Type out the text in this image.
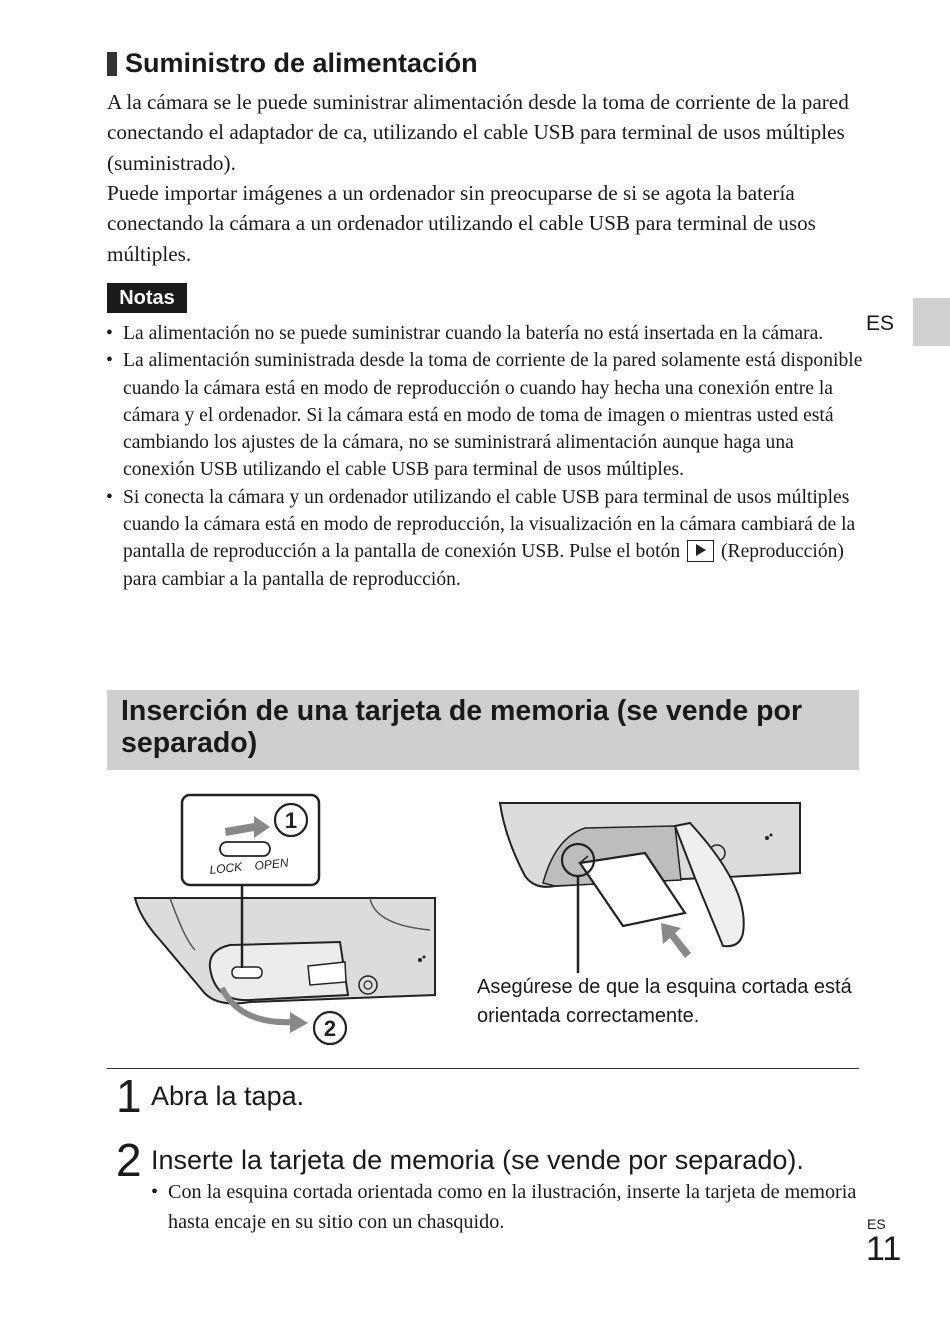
Suministro de alimentación
A la cámara se le puede suministrar alimentación desde la toma de corriente de la pared conectando el adaptador de ca, utilizando el cable USB para terminal de usos múltiples (suministrado).
Puede importar imágenes a un ordenador sin preocuparse de si se agota la batería conectando la cámara a un ordenador utilizando el cable USB para terminal de usos múltiples.
Notas
• La alimentación no se puede suministrar cuando la batería no está insertada en la cámara.
• La alimentación suministrada desde la toma de corriente de la pared solamente está disponible cuando la cámara está en modo de reproducción o cuando hay hecha una conexión entre la cámara y el ordenador. Si la cámara está en modo de toma de imagen o mientras usted está cambiando los ajustes de la cámara, no se suministrará alimentación aunque haga una conexión USB utilizando el cable USB para terminal de usos múltiples.
• Si conecta la cámara y un ordenador utilizando el cable USB para terminal de usos múltiples cuando la cámara está en modo de reproducción, la visualización en la cámara cambiará de la pantalla de reproducción a la pantalla de conexión USB. Pulse el botón (Reproducción) para cambiar a la pantalla de reproducción.
ES
Inserción de una tarjeta de memoria (se vende por separado)
1
LOCK OPEN
2
Asegúrese de que la esquina cortada está orientada correctamente.
1 Abra la tapa.
2 Inserte la tarjeta de memoria (se vende por separado).
• Con la esquina cortada orientada como en la ilustración, inserte la tarjeta de memoria hasta encaje en su sitio con un chasquido.	ES
11
